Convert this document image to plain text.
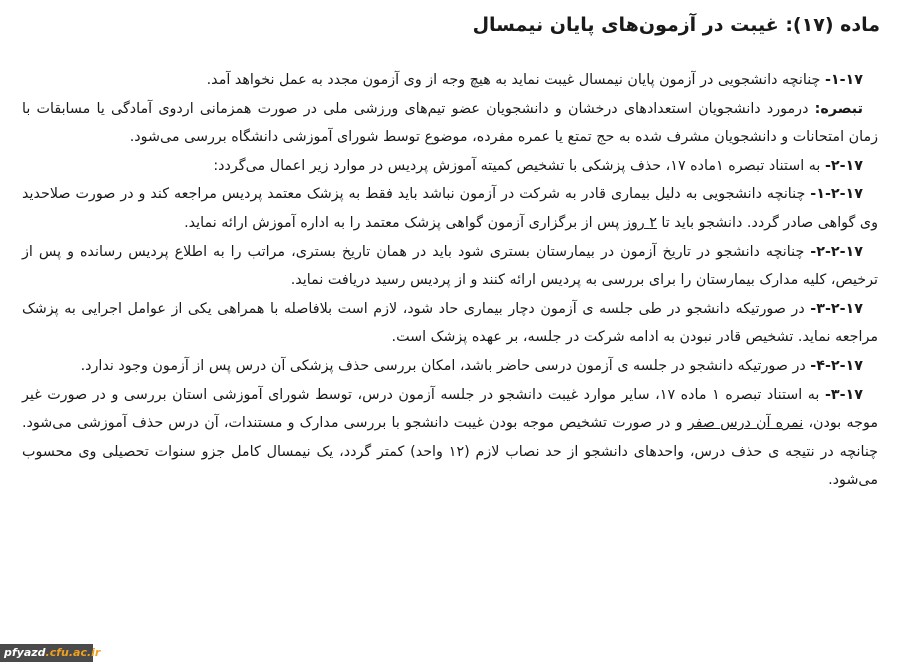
ماده (۱۷): غیبت در آزمون‌های پایان نیمسال

۱-۱۷- چنانچه دانشجویی در آزمون پایان نیمسال غیبت نماید به هیچ وجه از وی آزمون مجدد به عمل نخواهد آمد.

تبصره: درمورد دانشجویان استعدادهای درخشان و دانشجویان عضو تیم‌های ورزشی ملی در صورت همزمانی اردوی آمادگی یا مسابقات با زمان امتحانات و دانشجویان مشرف شده به حج تمتع یا عمره مفرده، موضوع توسط شورای آموزشی دانشگاه بررسی می‌شود.

۲-۱۷- به استناد تبصره ۱ماده ۱۷، حذف پزشکی با تشخیص کمیته آموزش پردیس در موارد زیر اعمال می‌گردد:

۱-۲-۱۷- چنانچه دانشجویی به دلیل بیماری قادر به شرکت در آزمون نباشد باید فقط به پزشک معتمد پردیس مراجعه کند و در صورت صلاحدید وی گواهی صادر گردد. دانشجو باید تا ۲ روز پس از برگزاری آزمون گواهی پزشک معتمد را به اداره آموزش ارائه نماید.

۲-۲-۱۷- چنانچه دانشجو در تاریخ آزمون در بیمارستان بستری شود باید در همان تاریخ بستری، مراتب را به اطلاع پردیس رسانده و پس از ترخیص، کلیه مدارک بیمارستان را برای بررسی به پردیس ارائه کنند و از پردیس رسید دریافت نماید.

۳-۲-۱۷- در صورتیکه دانشجو در طی جلسه ی آزمون دچار بیماری حاد شود، لازم است بلافاصله با همراهی یکی از عوامل اجرایی به پزشک مراجعه نماید. تشخیص قادر نبودن به ادامه شرکت در جلسه، بر عهده پزشک است.

۴-۲-۱۷- در صورتیکه دانشجو در جلسه ی آزمون درسی حاضر باشد، امکان بررسی حذف پزشکی آن درس پس از آزمون وجود ندارد.

۳-۱۷- به استناد تبصره ۱ ماده ۱۷، سایر موارد غیبت دانشجو در جلسه آزمون درس، توسط شورای آموزشی استان بررسی و در صورت غیر موجه بودن، نمره آن درس صفر و در صورت تشخیص موجه بودن غیبت دانشجو با بررسی مدارک و مستندات، آن درس حذف آموزشی می‌شود. چنانچه در نتیجه ی حذف درس، واحدهای دانشجو از حد نصاب لازم (۱۲ واحد) کمتر گردد، یک نیمسال کامل جزو سنوات تحصیلی وی محسوب می‌شود.

pfyazd.cfu.ac.ir
